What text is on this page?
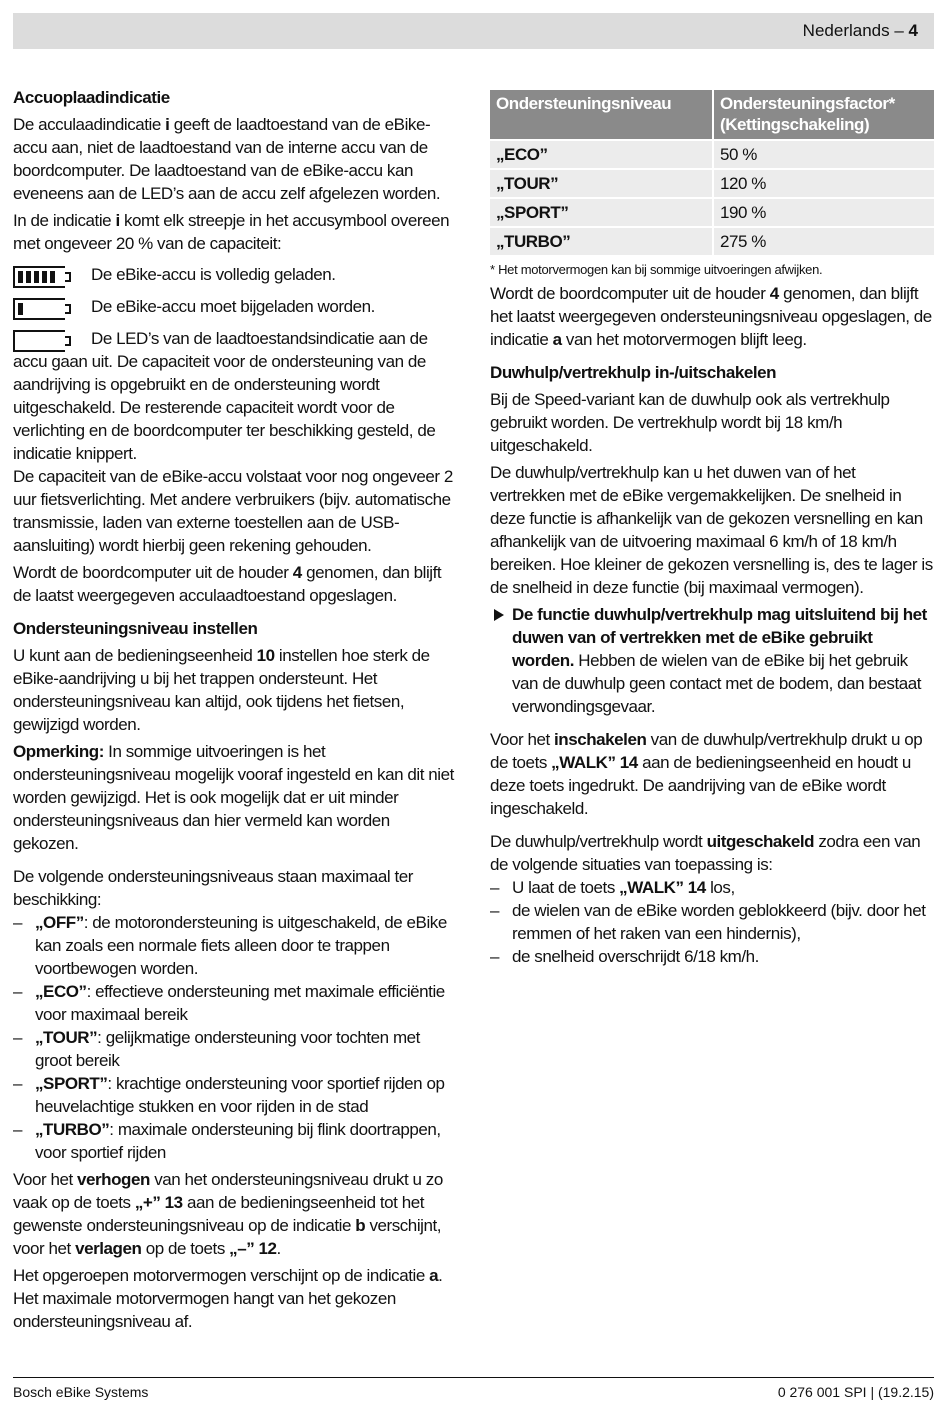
Nederlands – 4
Accuoplaadindicatie

De acculaadindicatie i geeft de laadtoestand van de eBike-accu aan, niet de laadtoestand van de interne accu van de boordcomputer. De laadtoestand van de eBike-accu kan eveneens aan de LED’s aan de accu zelf afgelezen worden.

In de indicatie i komt elk streepje in het accusymbool overeen met ongeveer 20 % van de capaciteit:

De eBike-accu is volledig geladen.
De eBike-accu moet bijgeladen worden.
De LED’s van de laadtoestandsindicatie aan de accu gaan uit. De capaciteit voor de ondersteuning van de aandrijving is opgebruikt en de ondersteuning wordt uitgeschakeld. De resterende capaciteit wordt voor de verlichting en de boordcomputer ter beschikking gesteld, de indicatie knippert.

De capaciteit van de eBike-accu volstaat voor nog ongeveer 2 uur fietsverlichting. Met andere verbruikers (bijv. automatische transmissie, laden van externe toestellen aan de USB-aansluiting) wordt hierbij geen rekening gehouden.

Wordt de boordcomputer uit de houder 4 genomen, dan blijft de laatst weergegeven acculaadtoestand opgeslagen.

Ondersteuningsniveau instellen

U kunt aan de bedieningseenheid 10 instellen hoe sterk de eBike-aandrijving u bij het trappen ondersteunt. Het ondersteuningsniveau kan altijd, ook tijdens het fietsen, gewijzigd worden.

Opmerking: In sommige uitvoeringen is het ondersteuningsniveau mogelijk vooraf ingesteld en kan dit niet worden gewijzigd. Het is ook mogelijk dat er uit minder ondersteuningsniveaus dan hier vermeld kan worden gekozen.

De volgende ondersteuningsniveaus staan maximaal ter beschikking:

– „OFF”: de motorondersteuning is uitgeschakeld, de eBike kan zoals een normale fiets alleen door te trappen voortbewogen worden.
– „ECO”: effectieve ondersteuning met maximale efficiëntie voor maximaal bereik
– „TOUR”: gelijkmatige ondersteuning voor tochten met groot bereik
– „SPORT”: krachtige ondersteuning voor sportief rijden op heuvelachtige stukken en voor rijden in de stad
– „TURBO”: maximale ondersteuning bij flink doortrappen, voor sportief rijden

Voor het verhogen van het ondersteuningsniveau drukt u zo vaak op de toets „+” 13 aan de bedieningseenheid tot het gewenste ondersteuningsniveau op de indicatie b verschijnt, voor het verlagen op de toets „–” 12.

Het opgeroepen motorvermogen verschijnt op de indicatie a. Het maximale motorvermogen hangt van het gekozen ondersteuningsniveau af.

Ondersteuningsniveau	Ondersteuningsfactor* (Kettingschakeling)
„ECO”	50 %
„TOUR”	120 %
„SPORT”	190 %
„TURBO”	275 %

* Het motorvermogen kan bij sommige uitvoeringen afwijken.

Wordt de boordcomputer uit de houder 4 genomen, dan blijft het laatst weergegeven ondersteuningsniveau opgeslagen, de indicatie a van het motorvermogen blijft leeg.

Duwhulp/vertrekhulp in-/uitschakelen

Bij de Speed-variant kan de duwhulp ook als vertrekhulp gebruikt worden. De vertrekhulp wordt bij 18 km/h uitgeschakeld.

De duwhulp/vertrekhulp kan u het duwen van of het vertrekken met de eBike vergemakkelijken. De snelheid in deze functie is afhankelijk van de gekozen versnelling en kan afhankelijk van de uitvoering maximaal 6 km/h of 18 km/h bereiken. Hoe kleiner de gekozen versnelling is, des te lager is de snelheid in deze functie (bij maximaal vermogen).

De functie duwhulp/vertrekhulp mag uitsluitend bij het duwen van of vertrekken met de eBike gebruikt worden. Hebben de wielen van de eBike bij het gebruik van de duwhulp geen contact met de bodem, dan bestaat verwondingsgevaar.

Voor het inschakelen van de duwhulp/vertrekhulp drukt u op de toets „WALK” 14 aan de bedieningseenheid en houdt u deze toets ingedrukt. De aandrijving van de eBike wordt ingeschakeld.

De duwhulp/vertrekhulp wordt uitgeschakeld zodra een van de volgende situaties van toepassing is:

– U laat de toets „WALK” 14 los,
– de wielen van de eBike worden geblokkeerd (bijv. door het remmen of het raken van een hindernis),
– de snelheid overschrijdt 6/18 km/h.
Bosch eBike Systems	0 276 001 SPI | (19.2.15)
